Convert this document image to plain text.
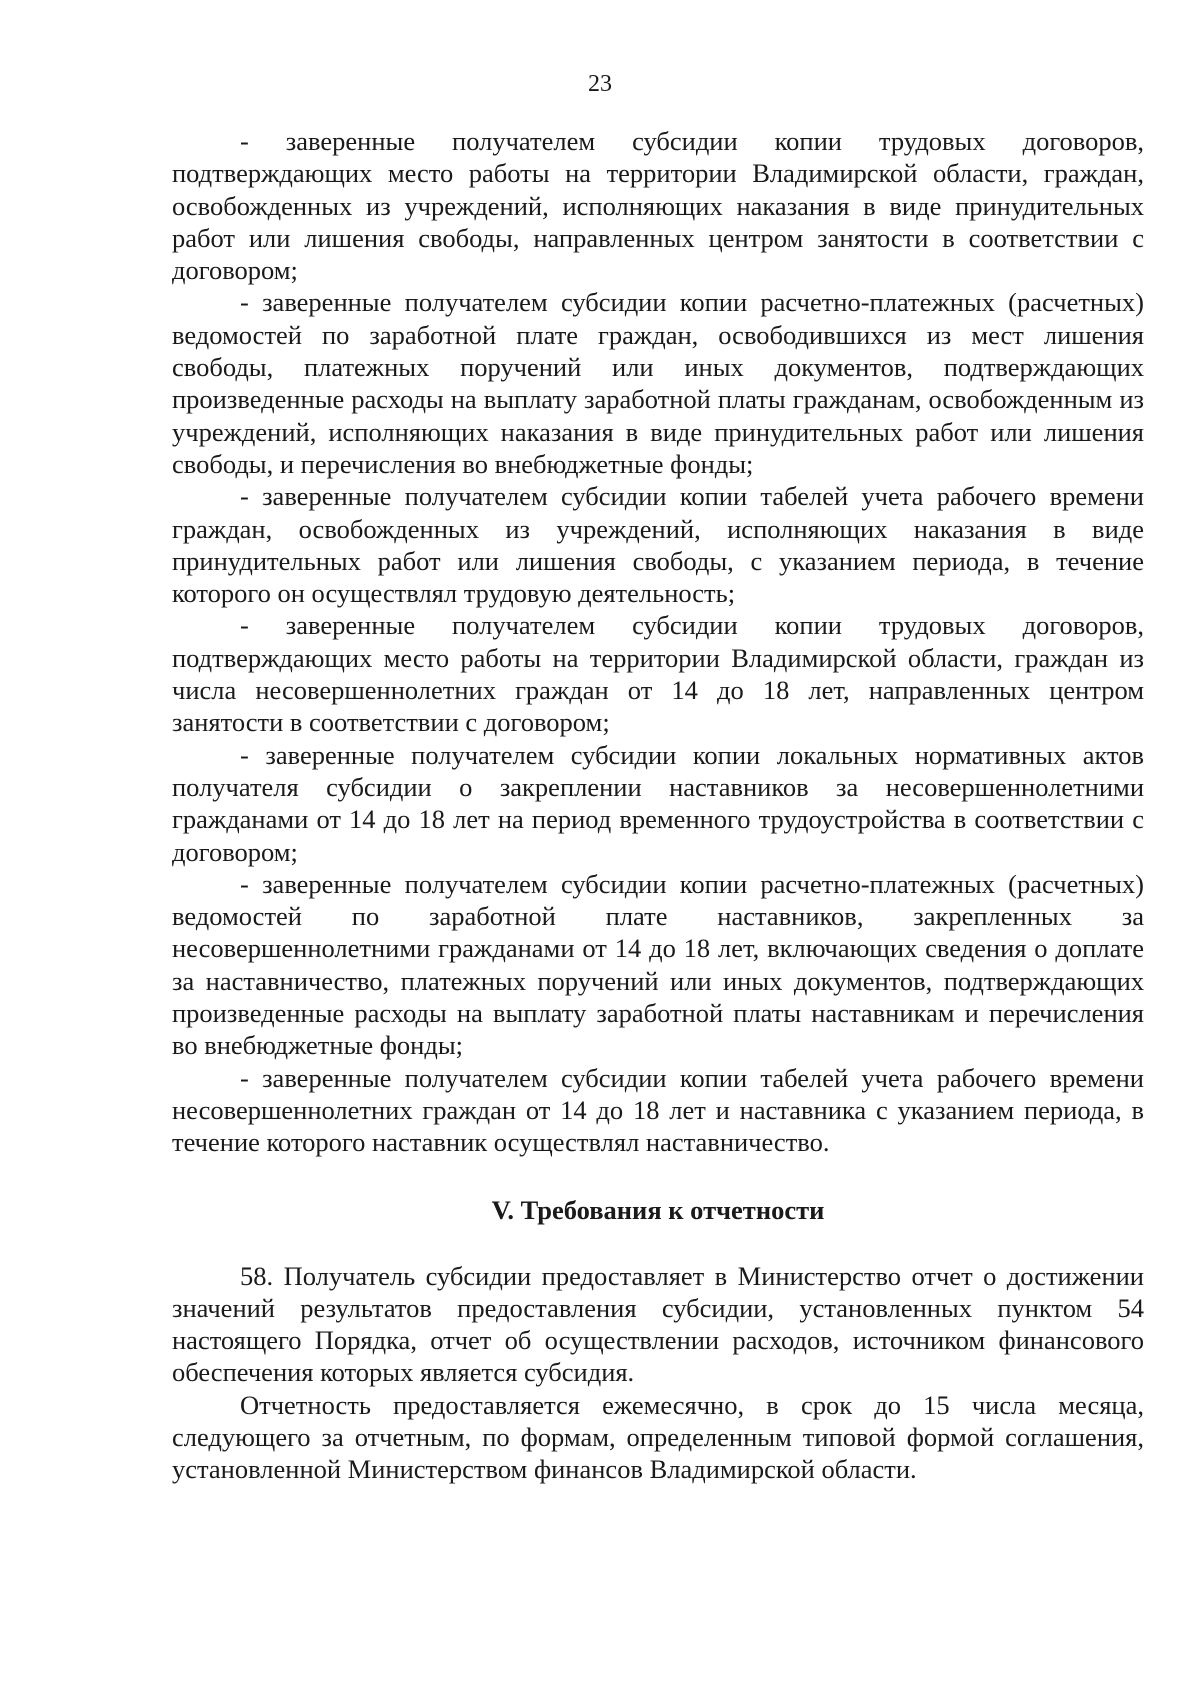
23

- заверенные получателем субсидии копии трудовых договоров, подтверждающих место работы на территории Владимирской области, граждан, освобожденных из учреждений, исполняющих наказания в виде принудительных работ или лишения свободы, направленных центром занятости в соответствии с договором;

- заверенные получателем субсидии копии расчетно-платежных (расчетных) ведомостей по заработной плате граждан, освободившихся из мест лишения свободы, платежных поручений или иных документов, подтверждающих произведенные расходы на выплату заработной платы гражданам, освобожденным из учреждений, исполняющих наказания в виде принудительных работ или лишения свободы, и перечисления во внебюджетные фонды;

- заверенные получателем субсидии копии табелей учета рабочего времени граждан, освобожденных из учреждений, исполняющих наказания в виде принудительных работ или лишения свободы, с указанием периода, в течение которого он осуществлял трудовую деятельность;

- заверенные получателем субсидии копии трудовых договоров, подтверждающих место работы на территории Владимирской области, граждан из числа несовершеннолетних граждан от 14 до 18 лет, направленных центром занятости в соответствии с договором;

- заверенные получателем субсидии копии локальных нормативных актов получателя субсидии о закреплении наставников за несовершеннолетними гражданами от 14 до 18 лет на период временного трудоустройства в соответствии с договором;

- заверенные получателем субсидии копии расчетно-платежных (расчетных) ведомостей по заработной плате наставников, закрепленных за несовершеннолетними гражданами от 14 до 18 лет, включающих сведения о доплате за наставничество, платежных поручений или иных документов, подтверждающих произведенные расходы на выплату заработной платы наставникам и перечисления во внебюджетные фонды;

- заверенные получателем субсидии копии табелей учета рабочего времени несовершеннолетних граждан от 14 до 18 лет и наставника с указанием периода, в течение которого наставник осуществлял наставничество.

V. Требования к отчетности

58. Получатель субсидии предоставляет в Министерство отчет о достижении значений результатов предоставления субсидии, установленных пунктом 54 настоящего Порядка, отчет об осуществлении расходов, источником финансового обеспечения которых является субсидия.

Отчетность предоставляется ежемесячно, в срок до 15 числа месяца, следующего за отчетным, по формам, определенным типовой формой соглашения, установленной Министерством финансов Владимирской области.
